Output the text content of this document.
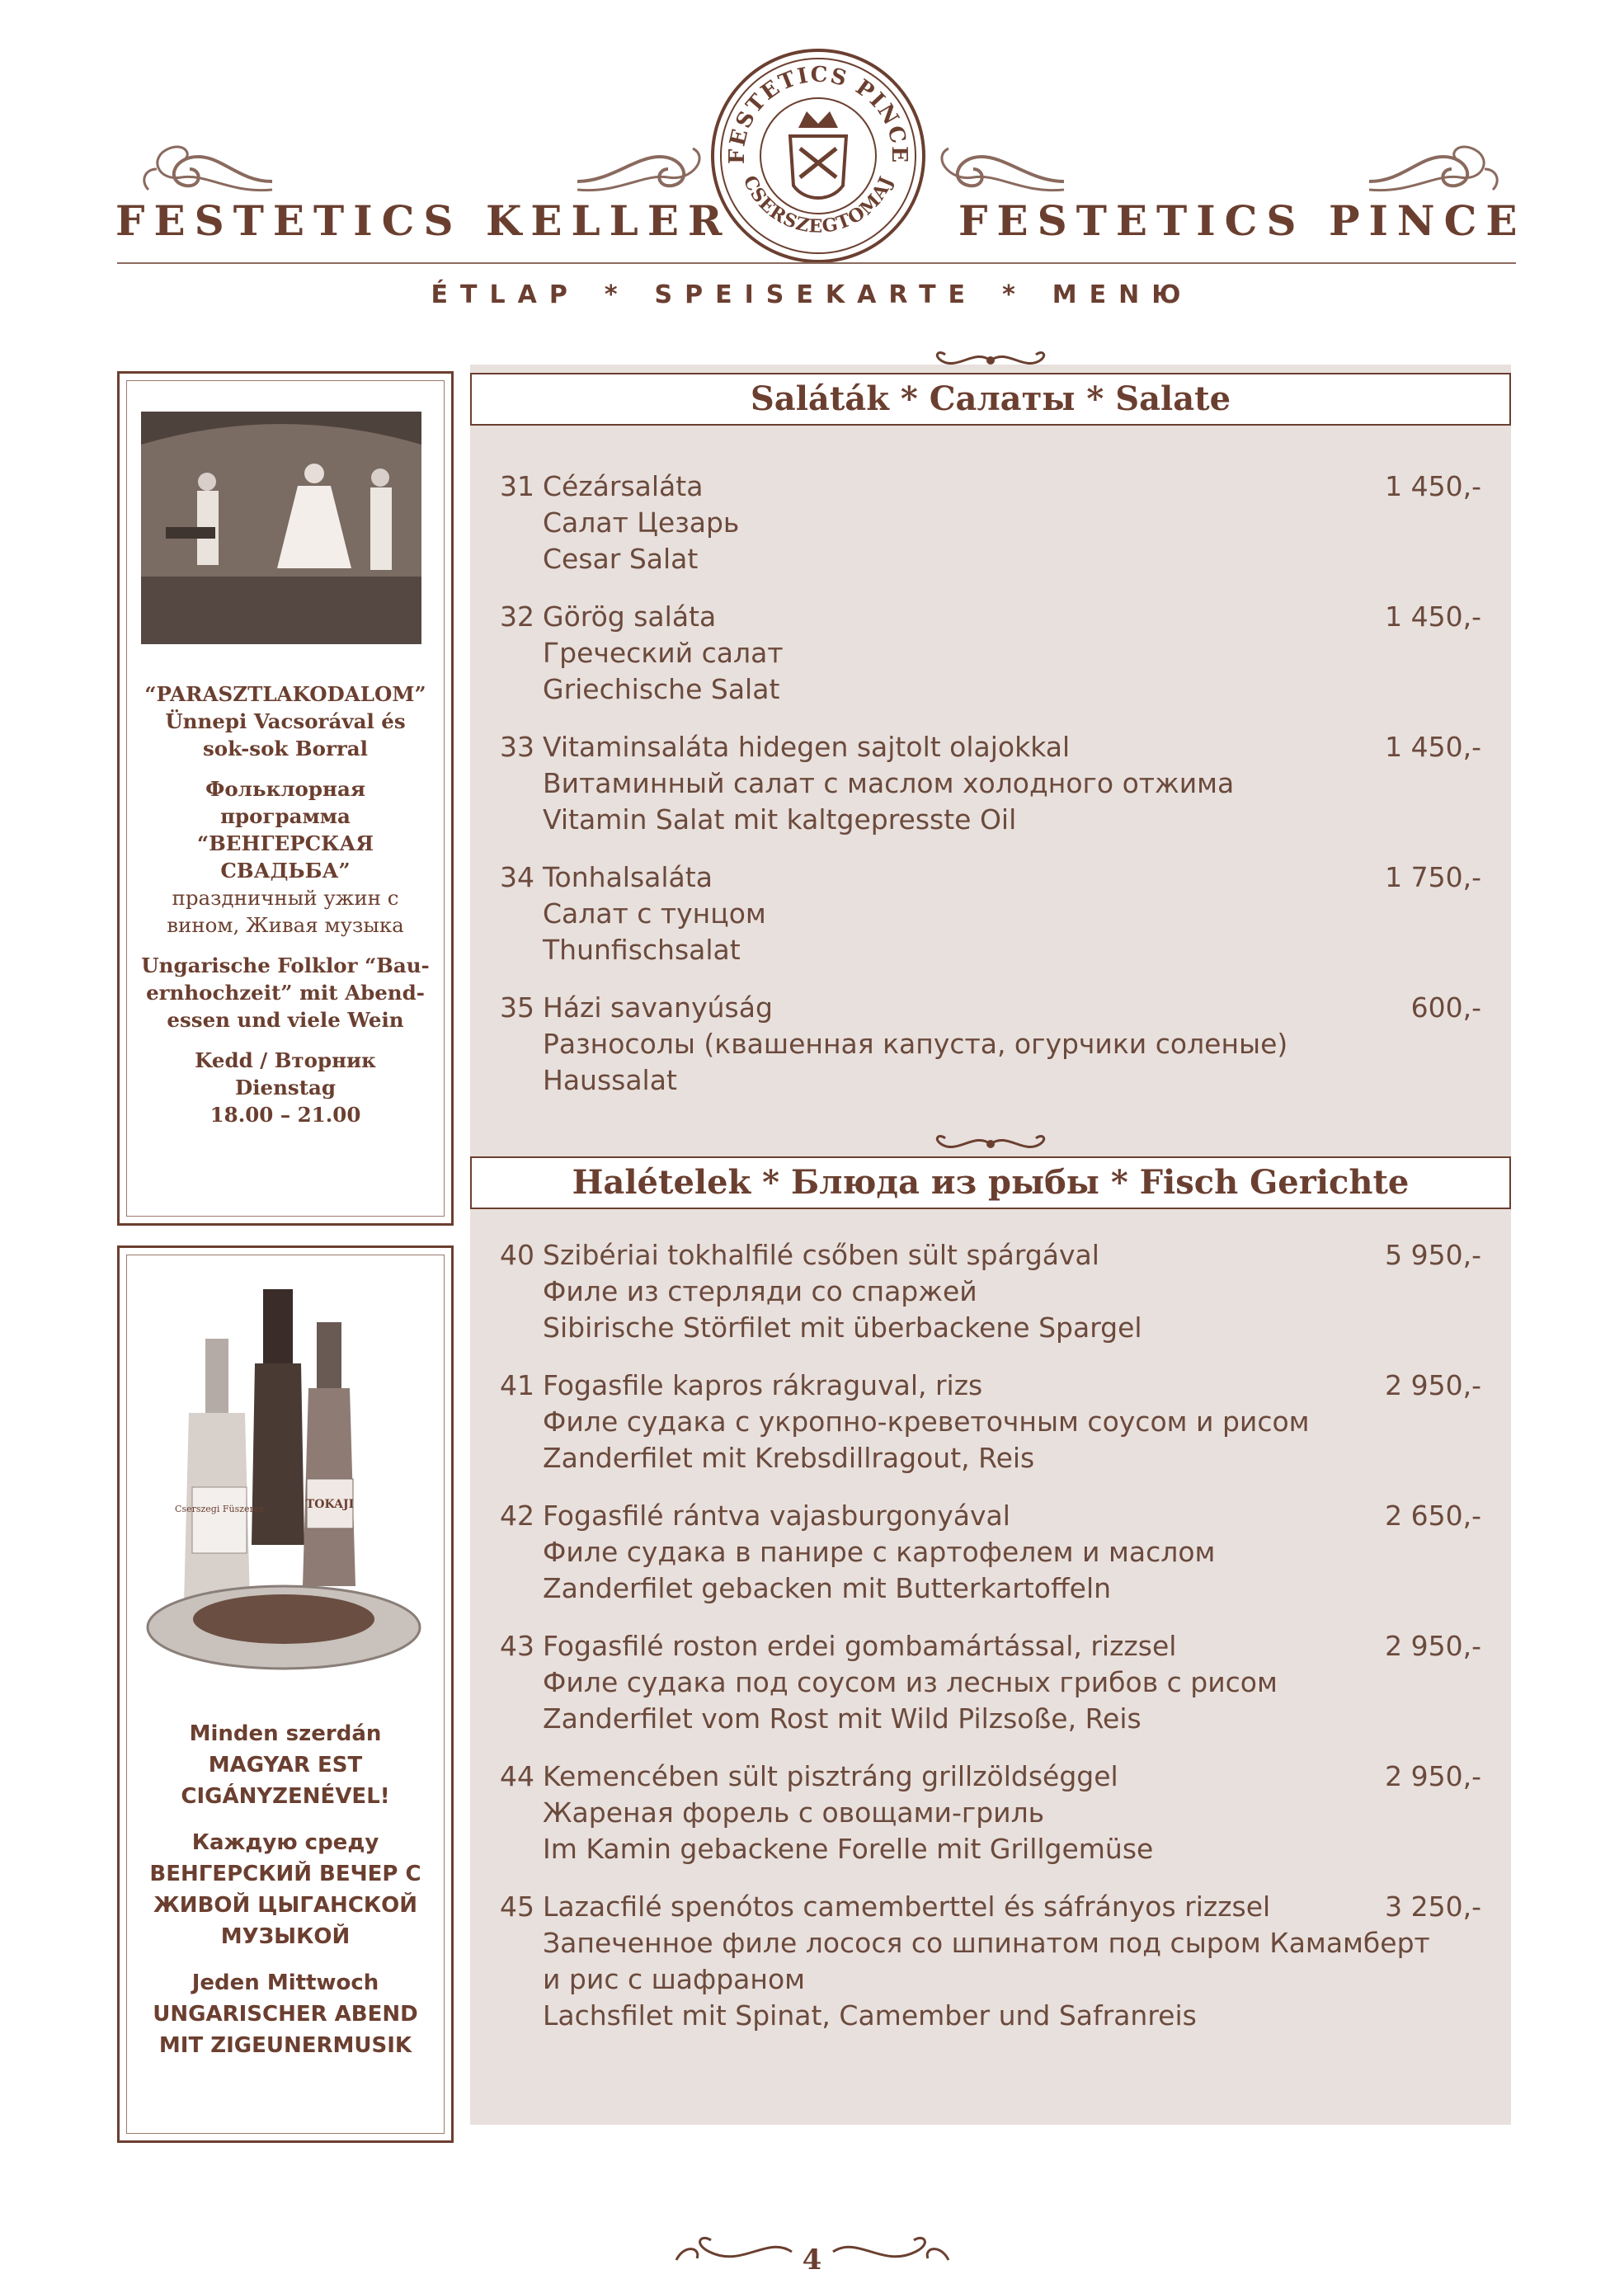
FESTETICS KELLER	FESTETICS PINCE
FESTETICS PINCE
CSERSZEGTOMAJ
ÉTLAP * SPEISEKARTE * MENЮ
“PARASZTLAKODALOM”
Ünnepi Vacsorával és
sok-sok Borral

Фольклорная
программа
“ВЕНГЕРСКАЯ
СВАДЬБА”
праздничный ужин с
вином, Живая музыка

Ungarische Folklor “Bau-
ernhochzeit” mit Abend-
essen und viele Wein

Kedd / Вторник
Dienstag
18.00 – 21.00
Cserszegi Füszeres	TOKAJI
Minden szerdán
MAGYAR EST
CIGÁNYZENÉVEL!

Каждую среду
ВЕНГЕРСКИЙ ВЕЧЕР С
ЖИВОЙ ЦЫГАНСКОЙ
МУЗЫКОЙ

Jeden Mittwoch
UNGARISCHER ABEND
MIT ZIGEUNERMUSIK
Saláták * Салаты * Salate
31 Cézársaláta
Салат Цезарь
Cesar Salat
1 450,-
32 Görög saláta
Греческий салат
Griechische Salat
1 450,-
33 Vitaminsaláta hidegen sajtolt olajokkal
Витаминный салат с маслом холодного отжима
Vitamin Salat mit kaltgepresste Oil
1 450,-
34 Tonhalsaláta
Салат с тунцом
Thunfischsalat
1 750,-
35 Házi savanyúság
Разносолы (квашенная капуста, огурчики соленые)
Haussalat
600,-
Halételek * Блюда из рыбы * Fisch Gerichte
40 Szibériai tokhalfilé csőben sült spárgával
Филе из стерляди со спаржей
Sibirische Störfilet mit überbackene Spargel
5 950,-
41 Fogasfile kapros rákraguval, rizs
Филе судака с укропно-креветочным соусом и рисом
Zanderfilet mit Krebsdillragout, Reis
2 950,-
42 Fogasfilé rántva vajasburgonyával
Филе судака в панире с картофелем и маслом
Zanderfilet gebacken mit Butterkartoffeln
2 650,-
43 Fogasfilé roston erdei gombamártással, rizzsel
Филе судака под соусом из лесных грибов с рисом
Zanderfilet vom Rost mit Wild Pilzsoße, Reis
2 950,-
44 Kemencében sült pisztráng grillzöldséggel
Жареная форель с овощами-гриль
Im Kamin gebackene Forelle mit Grillgemüse
2 950,-
45 Lazacfilé spenótos camemberttel és sáfrányos rizzsel
Запеченное филе лосося со шпинатом под сыром Камамберт
и рис с шафраном
Lachsfilet mit Spinat, Camember und Safranreis
3 250,-
4
